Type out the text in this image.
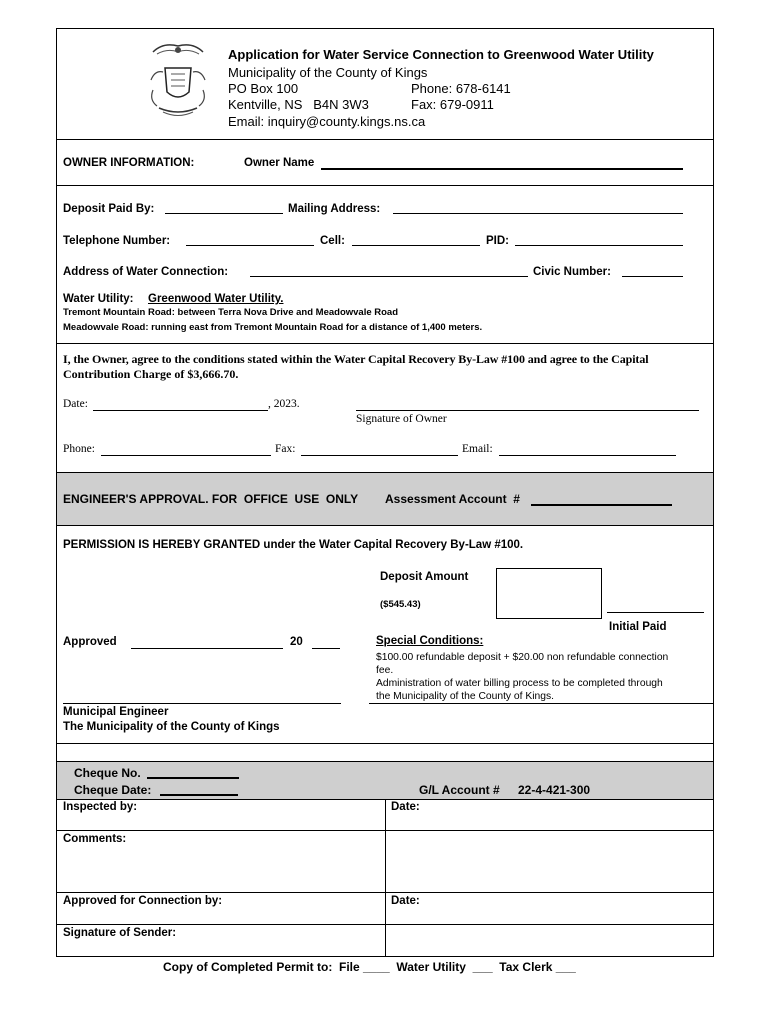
Application for Water Service Connection to Greenwood Water Utility
Municipality of the County of Kings
PO Box 100	Phone: 678-6141
Kentville, NS   B4N 3W3	Fax: 679-0911
Email: inquiry@county.kings.ns.ca
OWNER INFORMATION:	Owner Name
Deposit Paid By:	Mailing Address:
Telephone Number:	Cell:	PID:
Address of Water Connection:	Civic Number:
Water Utility: Greenwood Water Utility.
Tremont Mountain Road: between Terra Nova Drive and Meadowvale Road
Meadowvale Road: running east from Tremont Mountain Road for a distance of 1,400 meters.
I, the Owner, agree to the conditions stated within the Water Capital Recovery By-Law #100 and agree to the Capital
Contribution Charge of $3,666.70.
Date:	, 2023.
Signature of Owner
Phone:	Fax:	Email:
ENGINEER'S APPROVAL. FOR  OFFICE  USE  ONLY Assessment Account  #
PERMISSION IS HEREBY GRANTED under the Water Capital Recovery By-Law #100.
Deposit Amount
($545.43)
Initial Paid
Approved	20	Special Conditions:
$100.00 refundable deposit + $20.00 non refundable connection
fee.
Administration of water billing process to be completed through
the Municipality of the County of Kings.
Municipal Engineer
The Municipality of the County of Kings
Cheque No.
Cheque Date:	G/L Account # 22-4-421-300
Inspected by:	Date:
Comments:
Approved for Connection by:	Date:
Signature of Sender:
Copy of Completed Permit to:  File ____  Water Utility  ___  Tax Clerk ___
